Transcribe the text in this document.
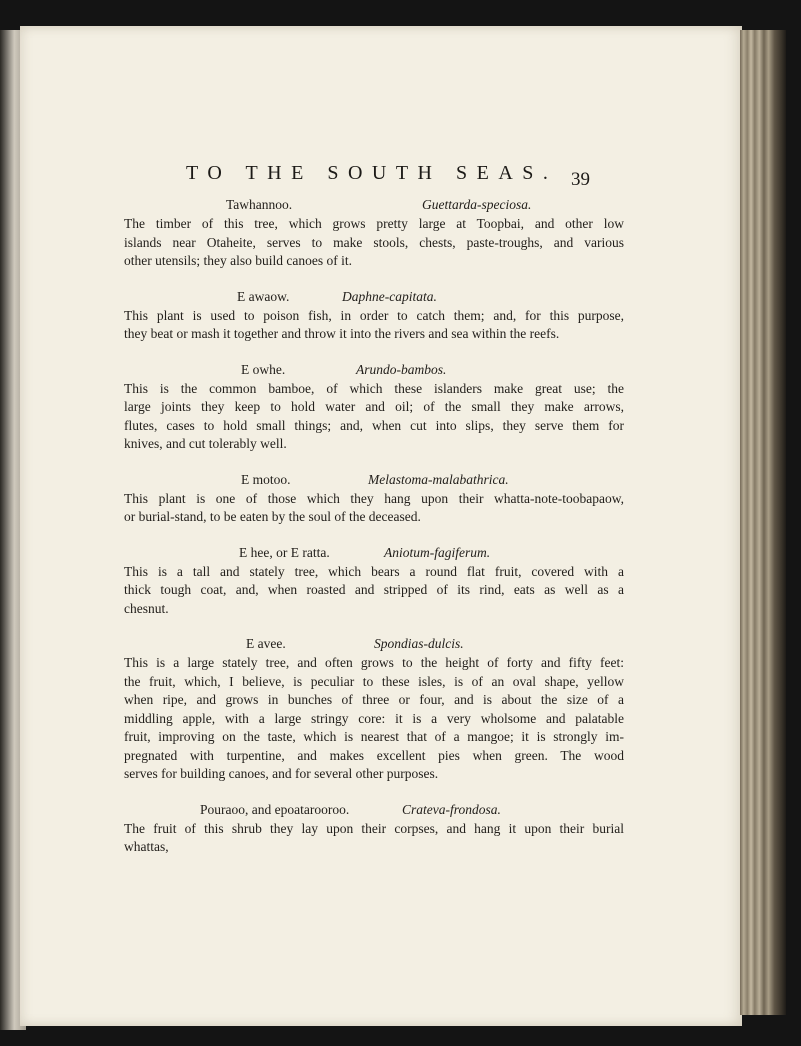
TO THE SOUTH SEAS. 39
Tawhannoo.	Guettarda-speciosa.
The timber of this tree, which grows pretty large at Toopbai, and other low
islands near Otaheite, serves to make stools, chests, paste-troughs, and various
other utensils; they also build canoes of it.
E awaow.	Daphne-capitata.
This plant is used to poison fish, in order to catch them; and, for this purpose,
they beat or mash it together and throw it into the rivers and sea within the reefs.
E owhe.	Arundo-bambos.
This is the common bamboe, of which these islanders make great use; the
large joints they keep to hold water and oil; of the small they make arrows,
flutes, cases to hold small things; and, when cut into slips, they serve them for
knives, and cut tolerably well.
E motoo.	Melastoma-malabathrica.
This plant is one of those which they hang upon their whatta-note-toobapaow,
or burial-stand, to be eaten by the soul of the deceased.
E hee, or E ratta.	Aniotum-fagiferum.
This is a tall and stately tree, which bears a round flat fruit, covered with a
thick tough coat, and, when roasted and stripped of its rind, eats as well as a
chesnut.
E avee.	Spondias-dulcis.
This is a large stately tree, and often grows to the height of forty and fifty feet:
the fruit, which, I believe, is peculiar to these isles, is of an oval shape, yellow
when ripe, and grows in bunches of three or four, and is about the size of a
middling apple, with a large stringy core: it is a very wholsome and palatable
fruit, improving on the taste, which is nearest that of a mangoe; it is strongly im-
pregnated with turpentine, and makes excellent pies when green. The wood
serves for building canoes, and for several other purposes.
Pouraoo, and epoatarooroo.	Crateva-frondosa.
The fruit of this shrub they lay upon their corpses, and hang it upon their burial
whattas,
